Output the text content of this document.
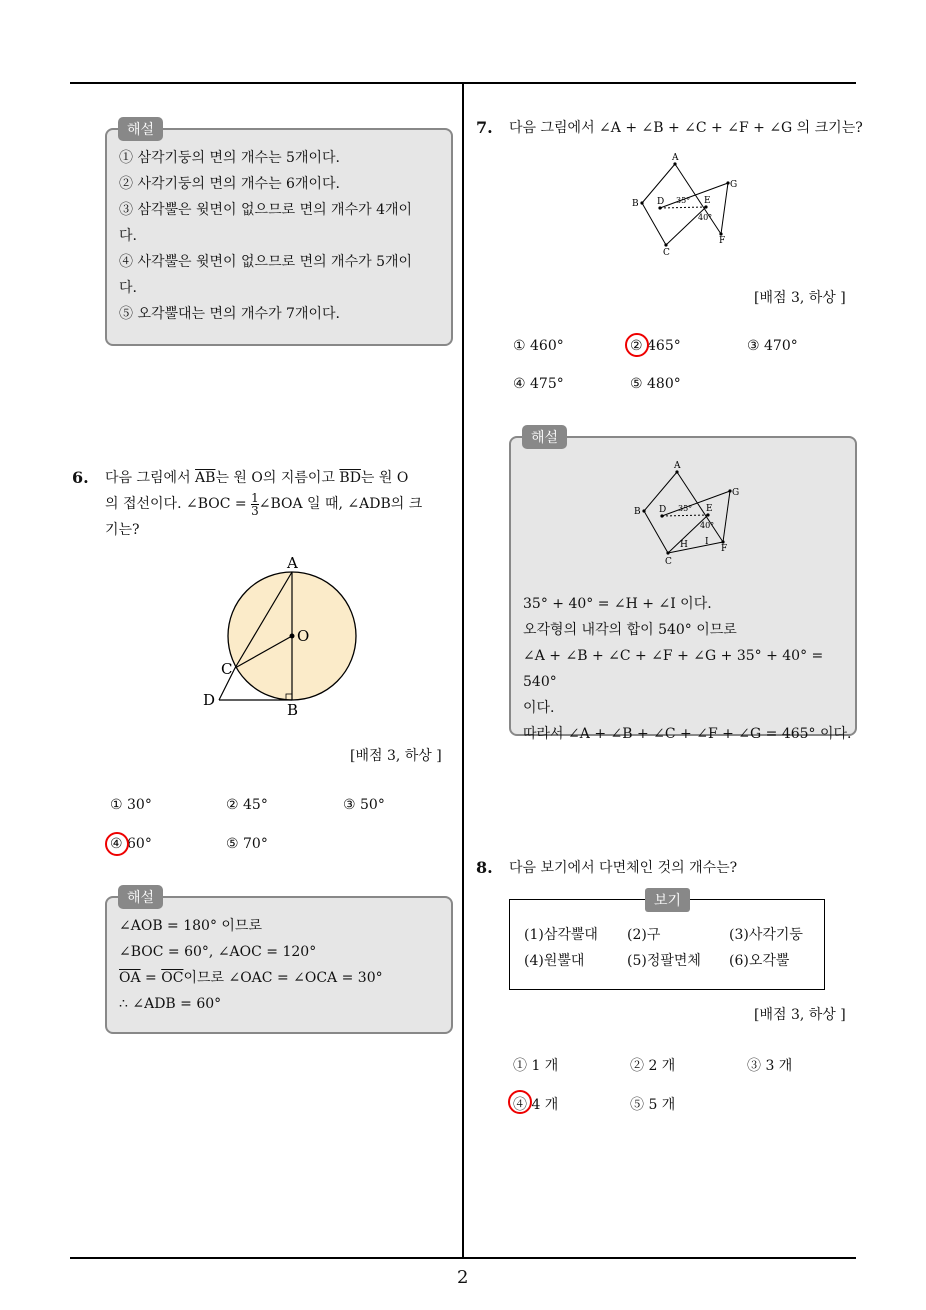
① 삼각기둥의 면의 개수는 5개이다.
② 사각기둥의 면의 개수는 6개이다.
③ 삼각뿔은 윗면이 없으므로 면의 개수가 4개이
다.
④ 사각뿔은 윗면이 없으므로 면의 개수가 5개이
다.
⑤ 오각뿔대는 면의 개수가 7개이다.
해설
6. 다음 그림에서 $\overline{AB}$는 원 O의 지름이고 $\overline{BD}$는 원 O
의 접선이다. ∠BOC = $\frac{1}{3}$ ∠BOA 일 때, ∠ADB의 크
기는?
A
O
C
D
B
[배점 3, 하상 ]
① 30°	② 45°	③ 50°
④ 60°	⑤ 70°
∠AOB = 180° 이므로
∠BOC = 60°, ∠AOC = 120°
$\overline{OA} = \overline{OC}$이므로 ∠OAC = ∠OCA = 30°
∴ ∠ADB = 60°
해설
7. 다음 그림에서 ∠A + ∠B + ∠C + ∠F + ∠G 의 크기는?
A
B
C
D	E
F
G
35°
40°
[배점 3, 하상 ]
① 460°	② 465°	③ 470°
④ 475°	⑤ 480°
A
B
C
D	E
F
G
H I
35°
40°
35° + 40° = ∠H + ∠I 이다.
오각형의 내각의 합이 540° 이므로
∠A + ∠B + ∠C + ∠F + ∠G + 35° + 40° = 540°
이다.
따라서 ∠A + ∠B + ∠C + ∠F + ∠G = 465° 이다.
해설
8. 다음 보기에서 다면체인 것의 개수는?
(1)삼각뿔대 (2)구	(3)사각기둥
(4)원뿔대	(5)정팔면체 (6)오각뿔
보기
[배점 3, 하상 ]
① 1 개	② 2 개	③ 3 개
④ 4 개	⑤ 5 개
2
